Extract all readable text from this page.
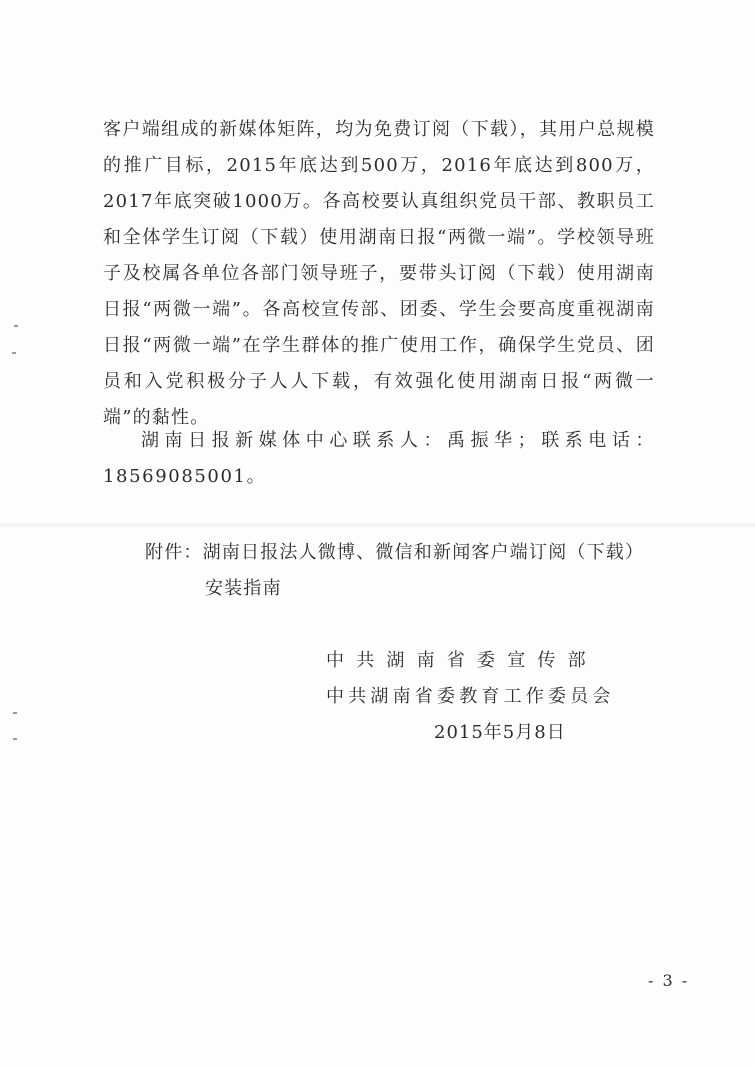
客户端组成的新媒体矩阵，均为免费订阅（下载），其用户总规模的推广目标，2015年底达到500万，2016年底达到800万，2017年底突破1000万。各高校要认真组织党员干部、教职员工和全体学生订阅（下载）使用湖南日报“两微一端”。学校领导班子及校属各单位各部门领导班子，要带头订阅（下载）使用湖南日报“两微一端”。各高校宣传部、团委、学生会要高度重视湖南日报“两微一端”在学生群体的推广使用工作，确保学生党员、团员和入党积极分子人人下载，有效强化使用湖南日报“两微一端”的黏性。

湖南日报新媒体中心联系人：禹振华；联系电话：18569085001。

附件：湖南日报法人微博、微信和新闻客户端订阅（下载）
安装指南
中共湖南省委宣传部
中共湖南省委教育工作委员会
2015年5月8日
- 3 -
